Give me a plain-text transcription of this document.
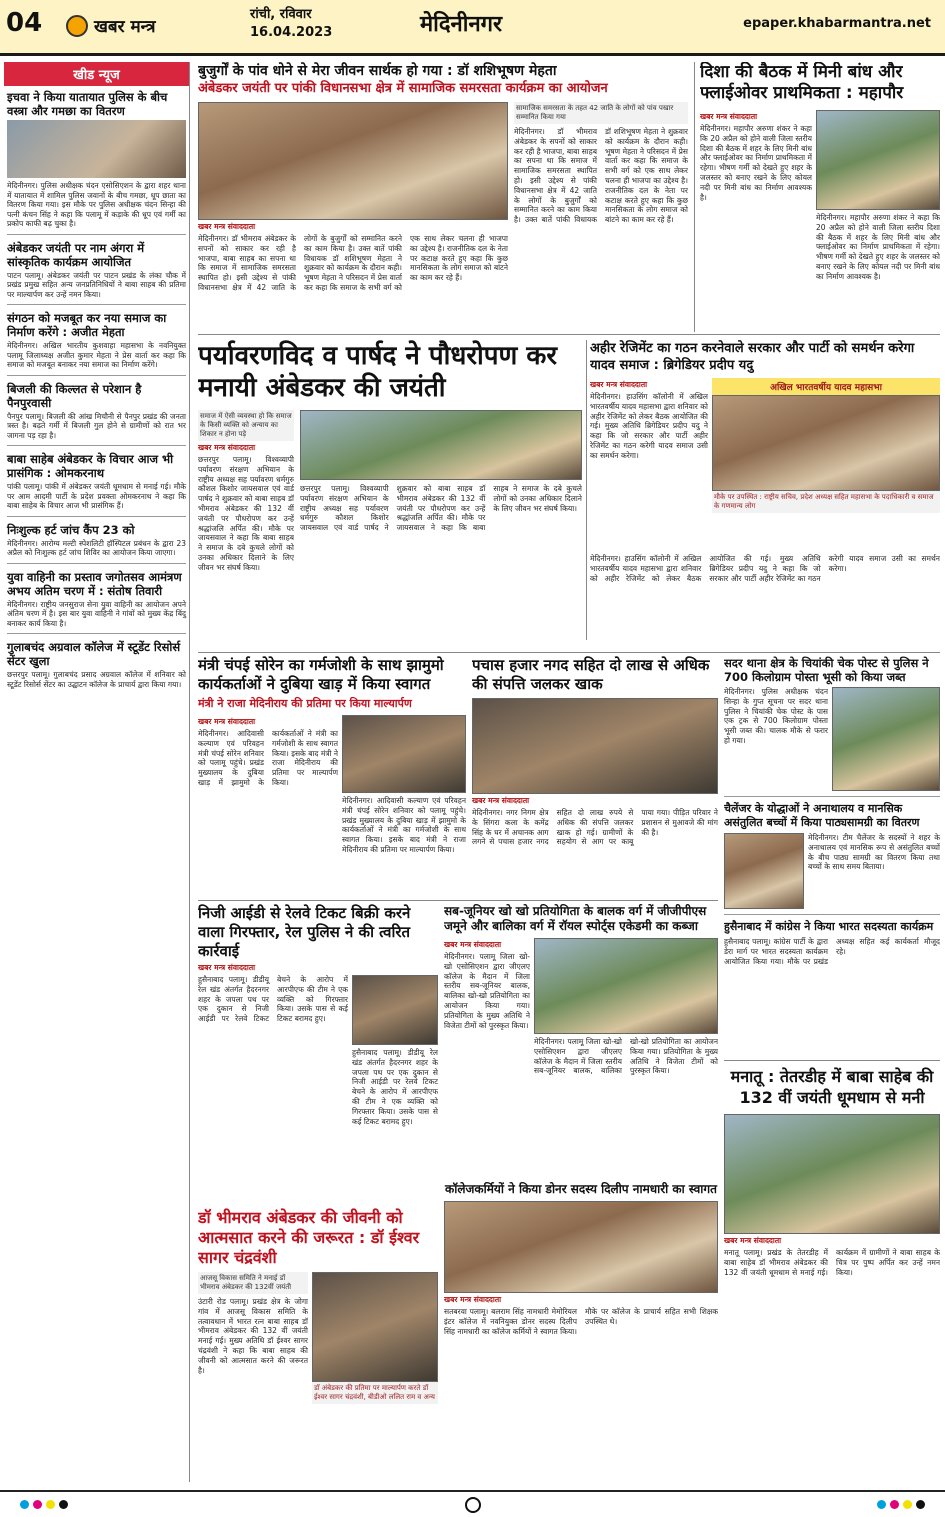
04	खबर मन्त्र
रांची, रविवार
16.04.2023	मेदिनीनगर	epaper.khabarmantra.net
खीड न्यूज
इचवा ने किया यातायात पुलिस के बीच वस्त्रा और गमछा का वितरण

मेदिनीनगर। पुलिस अधीक्षक चंदन एसोसिएशन के द्वारा शहर थाना में यातायात में शामिल पुलिस जवानों के बीच गमछा, धूप छाता का वितरण किया गया। इस मौके पर पुलिस अधीक्षक चंदन सिन्हा की पत्नी कंचन सिंह ने कहा कि पलामू में कड़ाके की धूप एवं गर्मी का प्रकोप काफी बढ़ चुका है।

अंबेडकर जयंती पर नाम अंगरा में सांस्कृतिक कार्यक्रम आयोजित

पाटन पलामू। अंबेडकर जयंती पर पाटन प्रखंड के लंका चौक में प्रखंड प्रमुख सहित अन्य जनप्रतिनिधियों ने बाबा साहब की प्रतिमा पर माल्यार्पण कर उन्हें नमन किया।

संगठन को मजबूत कर नया समाज का निर्माण करेंगे : अजीत मेहता

मेदिनीनगर। अखिल भारतीय कुशवाहा महासभा के नवनियुक्त पलामू जिलाध्यक्ष अजीत कुमार मेहता ने प्रेस वार्ता कर कहा कि समाज को मजबूत बनाकर नया समाज का निर्माण करेंगे।

बिजली की किल्लत से परेशान है पैनपुरवासी

पैनपुर पलामू। बिजली की आंख मिचौनी से पैनपुर प्रखंड की जनता त्रस्त है। बढ़ते गर्मी में बिजली गुल होने से ग्रामीणों को रात भर जागना पड़ रहा है।

बाबा साहेब अंबेडकर के विचार आज भी प्रासंगिक : ओमकरनाथ

पांकी पलामू। पांकी में अंबेडकर जयंती धूमधाम से मनाई गई। मौके पर आम आदमी पार्टी के प्रदेश प्रवक्ता ओमकरनाथ ने कहा कि बाबा साहेब के विचार आज भी प्रासंगिक हैं।

निःशुल्क हर्ट जांच कैंप 23 को

मेदिनीनगर। आरोग्य मल्टी स्पेशलिटी हॉस्पिटल प्रबंधन के द्वारा 23 अप्रैल को निःशुल्क हर्ट जांच शिविर का आयोजन किया जाएगा।

युवा वाहिनी का प्रस्ताव जगोतसव आमंत्रण अभय अतिम चरण में : संतोष तिवारी

मेदिनीनगर। राष्ट्रीय जनसुराज सेना युवा वाहिनी का आयोजन अपने अंतिम चरण में है। इस बार युवा वाहिनी ने गांवों को मुख्य केंद्र बिंदु बनाकर कार्य किया है।

गुलाबचंद अग्रवाल कॉलेज में स्टूडेंट रिसोर्स सेंटर खुला

छत्तरपुर पलामू। गुलाबचंद प्रसाद अग्रवाल कॉलेज में शनिवार को स्टूडेंट रिसोर्स सेंटर का उद्घाटन कॉलेज के प्राचार्य द्वारा किया गया।

बुजुर्गों के पांव धोने से मेरा जीवन सार्थक हो गया : डॉ शशिभूषण मेहता
अंबेडकर जयंती पर पांकी विधानसभा क्षेत्र में सामाजिक समरसता कार्यक्रम का आयोजन
खबर मन्त्र संवाददाता
मेदिनीनगर। डॉ भीमराव अंबेडकर के सपनों को साकार कर रही है भाजपा, बाबा साहब का सपना था कि समाज में सामाजिक समरसता स्थापित हो। इसी उद्देश्य से पांकी विधानसभा क्षेत्र में 42 जाति के लोगों के बुजुर्गों को सम्मानित करने का काम किया है। उक्त बातें पांकी विधायक डॉ शशिभूषण मेहता ने शुक्रवार को कार्यक्रम के दौरान कही। भूषण मेहता ने परिसदन में प्रेस वार्ता कर कहा कि समाज के सभी वर्ग को एक साथ लेकर चलना ही भाजपा का उद्देश्य है। राजनीतिक दल के नेता पर कटाक्ष करते हुए कहा कि कुछ मानसिकता के लोग समाज को बांटने का काम कर रहे हैं।
सामाजिक समरसता के तहत 42 जाति के लोगों को पांव पखार सम्मानित किया गया
मेदिनीनगर। डॉ भीमराव अंबेडकर के सपनों को साकार कर रही है भाजपा, बाबा साहब का सपना था कि समाज में सामाजिक समरसता स्थापित हो। इसी उद्देश्य से पांकी विधानसभा क्षेत्र में 42 जाति के लोगों के बुजुर्गों को सम्मानित करने का काम किया है। उक्त बातें पांकी विधायक डॉ शशिभूषण मेहता ने शुक्रवार को कार्यक्रम के दौरान कही। भूषण मेहता ने परिसदन में प्रेस वार्ता कर कहा कि समाज के सभी वर्ग को एक साथ लेकर चलना ही भाजपा का उद्देश्य है। राजनीतिक दल के नेता पर कटाक्ष करते हुए कहा कि कुछ मानसिकता के लोग समाज को बांटने का काम कर रहे हैं।
दिशा की बैठक में मिनी बांध और फ्लाईओवर प्राथमिकता : महापौर
खबर मन्त्र संवाददाता
मेदिनीनगर। महापौर अरुणा शंकर ने कहा कि 20 अप्रैल को होने वाली जिला स्तरीय दिशा की बैठक में शहर के लिए मिनी बांध और फ्लाईओवर का निर्माण प्राथमिकता में रहेगा। भीषण गर्मी को देखते हुए शहर के जलस्तर को बनाए रखने के लिए कोयल नदी पर मिनी बांध का निर्माण आवश्यक है।
मेदिनीनगर। महापौर अरुणा शंकर ने कहा कि 20 अप्रैल को होने वाली जिला स्तरीय दिशा की बैठक में शहर के लिए मिनी बांध और फ्लाईओवर का निर्माण प्राथमिकता में रहेगा। भीषण गर्मी को देखते हुए शहर के जलस्तर को बनाए रखने के लिए कोयल नदी पर मिनी बांध का निर्माण आवश्यक है।
पर्यावरणविद व पार्षद ने पौधरोपण कर मनायी अंबेडकर की जयंती
समाज में ऐसी व्यवस्था हो कि समाज के किसी व्यक्ति को अन्याय का शिकार न होना पड़े
खबर मन्त्र संवाददाता
छत्तरपुर पलामू। विश्वव्यापी पर्यावरण संरक्षण अभियान के राष्ट्रीय अध्यक्ष सह पर्यावरण धर्मगुरु कौशल किशोर जायसवाल एवं वार्ड पार्षद ने शुक्रवार को बाबा साहब डॉ भीमराव अंबेडकर की 132 वीं जयंती पर पौधरोपण कर उन्हें श्रद्धांजलि अर्पित की। मौके पर जायसवाल ने कहा कि बाबा साहब ने समाज के दबे कुचले लोगों को उनका अधिकार दिलाने के लिए जीवन भर संघर्ष किया।
छत्तरपुर पलामू। विश्वव्यापी पर्यावरण संरक्षण अभियान के राष्ट्रीय अध्यक्ष सह पर्यावरण धर्मगुरु कौशल किशोर जायसवाल एवं वार्ड पार्षद ने शुक्रवार को बाबा साहब डॉ भीमराव अंबेडकर की 132 वीं जयंती पर पौधरोपण कर उन्हें श्रद्धांजलि अर्पित की। मौके पर जायसवाल ने कहा कि बाबा साहब ने समाज के दबे कुचले लोगों को उनका अधिकार दिलाने के लिए जीवन भर संघर्ष किया।
अहीर रेजिमेंट का गठन करनेवाले सरकार और पार्टी को समर्थन करेगा यादव समाज : ब्रिगेडियर प्रदीप यदु
खबर मन्त्र संवाददाता
मेदिनीनगर। हाउसिंग कॉलोनी में अखिल भारतवर्षीय यादव महासभा द्वारा शनिवार को अहीर रेजिमेंट को लेकर बैठक आयोजित की गई। मुख्य अतिथि ब्रिगेडियर प्रदीप यदु ने कहा कि जो सरकार और पार्टी अहीर रेजिमेंट का गठन करेगी यादव समाज उसी का समर्थन करेगा।
अखिल भारतवर्षीय यादव महासभा
मौके पर उपस्थित : राष्ट्रीय सचिव, प्रदेश अध्यक्ष सहित महासभा के पदाधिकारी व समाज के गणमान्य लोग
मेदिनीनगर। हाउसिंग कॉलोनी में अखिल भारतवर्षीय यादव महासभा द्वारा शनिवार को अहीर रेजिमेंट को लेकर बैठक आयोजित की गई। मुख्य अतिथि ब्रिगेडियर प्रदीप यदु ने कहा कि जो सरकार और पार्टी अहीर रेजिमेंट का गठन करेगी यादव समाज उसी का समर्थन करेगा।
मंत्री चंपई सोरेन का गर्मजोशी के साथ झामुमो कार्यकर्ताओं ने दुबिया खाड़ में किया स्वागत
मंत्री ने राजा मेदिनीराय की प्रतिमा पर किया माल्यार्पण
खबर मन्त्र संवाददाता
मेदिनीनगर। आदिवासी कल्याण एवं परिवहन मंत्री चंपई सोरेन शनिवार को पलामू पहुंचे। प्रखंड मुख्यालय के दुबिया खाड़ में झामुमो के कार्यकर्ताओं ने मंत्री का गर्मजोशी के साथ स्वागत किया। इसके बाद मंत्री ने राजा मेदिनीराय की प्रतिमा पर माल्यार्पण किया।
मेदिनीनगर। आदिवासी कल्याण एवं परिवहन मंत्री चंपई सोरेन शनिवार को पलामू पहुंचे। प्रखंड मुख्यालय के दुबिया खाड़ में झामुमो के कार्यकर्ताओं ने मंत्री का गर्मजोशी के साथ स्वागत किया। इसके बाद मंत्री ने राजा मेदिनीराय की प्रतिमा पर माल्यार्पण किया।
पचास हजार नगद सहित दो लाख से अधिक की संपत्ति जलकर खाक
खबर मन्त्र संवाददाता
मेदिनीनगर। नगर निगम क्षेत्र के सिंगरा कला के कमेंद्र सिंह के घर में अचानक आग लगने से पचास हजार नगद सहित दो लाख रुपये से अधिक की संपत्ति जलकर खाक हो गई। ग्रामीणों के सहयोग से आग पर काबू पाया गया। पीड़ित परिवार ने प्रशासन से मुआवजे की मांग की है।
सदर थाना क्षेत्र के चियांकी चेक पोस्ट से पुलिस ने 700 किलोग्राम पोस्ता भूसी को किया जब्त
मेदिनीनगर। पुलिस अधीक्षक चंदन सिन्हा के गुप्त सूचना पर सदर थाना पुलिस ने चियांकी चेक पोस्ट के पास एक ट्रक से 700 किलोग्राम पोस्ता भूसी जब्त की। चालक मौके से फरार हो गया।
चैलेंजर के योद्धाओं ने अनाथालय व मानसिक असंतुलित बच्चों में किया पाठ्यसामग्री का वितरण
मेदिनीनगर। टीम चैलेंजर के सदस्यों ने शहर के अनाथालय एवं मानसिक रूप से असंतुलित बच्चों के बीच पाठ्य सामग्री का वितरण किया तथा बच्चों के साथ समय बिताया।
हुसैनाबाद में कांग्रेस ने किया भारत सदस्यता कार्यक्रम
हुसैनाबाद पलामू। कांग्रेस पार्टी के द्वारा डेरा मार्ग पर भारत सदस्यता कार्यक्रम आयोजित किया गया। मौके पर प्रखंड अध्यक्ष सहित कई कार्यकर्ता मौजूद रहे।
निजी आईडी से रेलवे टिकट बिक्री करने वाला गिरफ्तार, रेल पुलिस ने की त्वरित कार्रवाई
खबर मन्त्र संवाददाता
हुसैनाबाद पलामू। डीडीयू रेल खंड अंतर्गत हैदरनगर शहर के जपला पथ पर एक दुकान से निजी आईडी पर रेलवे टिकट बेचने के आरोप में आरपीएफ की टीम ने एक व्यक्ति को गिरफ्तार किया। उसके पास से कई टिकट बरामद हुए।
हुसैनाबाद पलामू। डीडीयू रेल खंड अंतर्गत हैदरनगर शहर के जपला पथ पर एक दुकान से निजी आईडी पर रेलवे टिकट बेचने के आरोप में आरपीएफ की टीम ने एक व्यक्ति को गिरफ्तार किया। उसके पास से कई टिकट बरामद हुए।
सब-जूनियर खो खो प्रतियोगिता के बालक वर्ग में जीजीपीएस जमूने और बालिका वर्ग में रॉयल स्पोर्ट्स एकेडमी का कब्जा
खबर मन्त्र संवाददाता
मेदिनीनगर। पलामू जिला खो-खो एसोसिएशन द्वारा जीएलए कॉलेज के मैदान में जिला स्तरीय सब-जूनियर बालक, बालिका खो-खो प्रतियोगिता का आयोजन किया गया। प्रतियोगिता के मुख्य अतिथि ने विजेता टीमों को पुरस्कृत किया।
मेदिनीनगर। पलामू जिला खो-खो एसोसिएशन द्वारा जीएलए कॉलेज के मैदान में जिला स्तरीय सब-जूनियर बालक, बालिका खो-खो प्रतियोगिता का आयोजन किया गया। प्रतियोगिता के मुख्य अतिथि ने विजेता टीमों को पुरस्कृत किया।
कॉलेजकर्मियों ने किया डोनर सदस्य दिलीप नामधारी का स्वागत
खबर मन्त्र संवाददाता
सतबरवा पलामू। बलराम सिंह नामधारी मेमोरियल इंटर कॉलेज में नवनियुक्त डोनर सदस्य दिलीप सिंह नामधारी का कॉलेज कर्मियों ने स्वागत किया। मौके पर कॉलेज के प्राचार्य सहित सभी शिक्षक उपस्थित थे।
डॉ भीमराव अंबेडकर की जीवनी को आत्मसात करने की जरूरत : डॉ ईश्वर सागर चंद्रवंशी
आजसू विकास समिति ने मनाई डॉ भीमराव अंबेडकर की 132वीं जयंती
उंटारी रोड पलामू। प्रखंड क्षेत्र के जोगा गांव में आजसू विकास समिति के तत्वावधान में भारत रत्न बाबा साहब डॉ भीमराव अंबेडकर की 132 वीं जयंती मनाई गई। मुख्य अतिथि डॉ ईश्वर सागर चंद्रवंशी ने कहा कि बाबा साहब की जीवनी को आत्मसात करने की जरूरत है।
डॉ अंबेडकर की प्रतिमा पर माल्यार्पण करते डॉ ईश्वर सागर चंद्रवंशी, बीडीओ ललित राम व अन्य
मनातू : तेतरडीह में बाबा साहेब की 132 वीं जयंती धूमधाम से मनी
खबर मन्त्र संवाददाता
मनातू पलामू। प्रखंड के तेतरडीह में बाबा साहेब डॉ भीमराव अंबेडकर की 132 वीं जयंती धूमधाम से मनाई गई। कार्यक्रम में ग्रामीणों ने बाबा साहब के चित्र पर पुष्प अर्पित कर उन्हें नमन किया।
